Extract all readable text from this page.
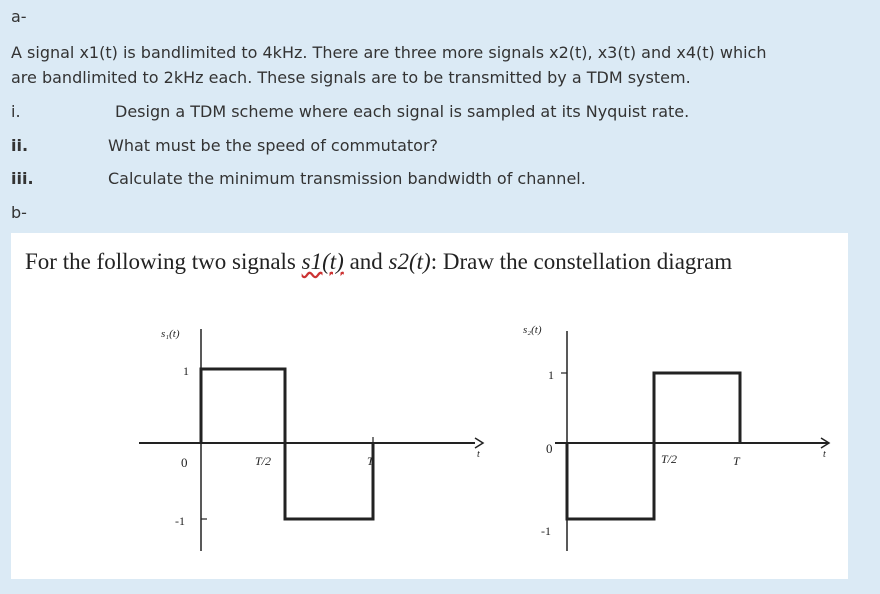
a-
A signal x1(t) is bandlimited to 4kHz. There are three more signals x2(t), x3(t) and x4(t) which
are bandlimited to 2kHz each. These signals are to be transmitted by a TDM system.
i.	Design a TDM scheme where each signal is sampled at its Nyquist rate.
ii.	What must be the speed of commutator?
iii.	Calculate the minimum transmission bandwidth of channel.
b-
For the following two signals s1(t) and s2(t): Draw the constellation diagram
s₁(t)
1
0
-1
T/2	T	t
s₂(t)
1
0
-1
T/2	T	t
